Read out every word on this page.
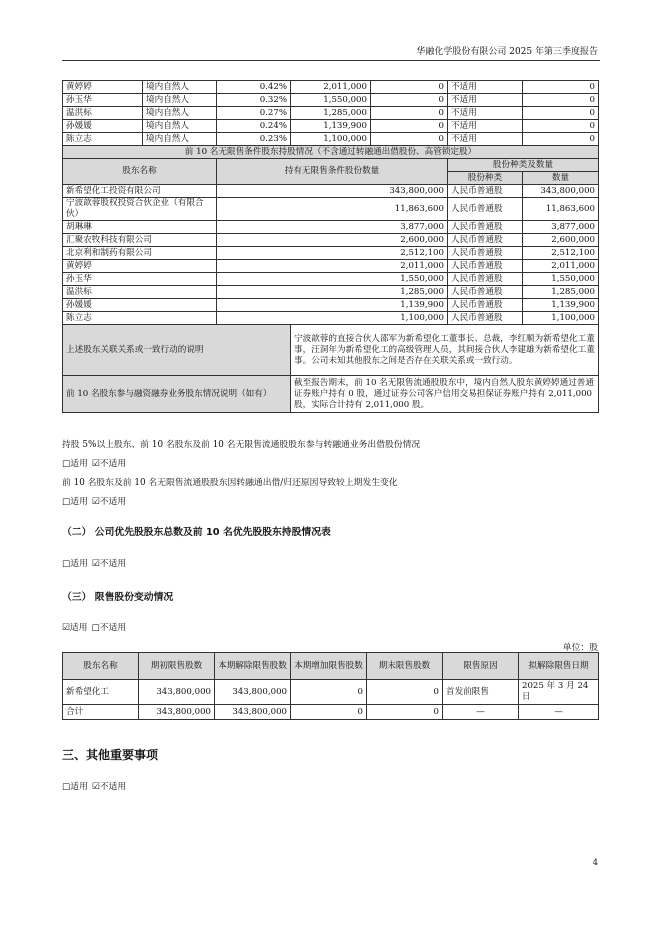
华融化学股份有限公司 2025 年第三季度报告
黄婷婷	境内自然人	0.42%	2,011,000	0	不适用	0
孙玉华	境内自然人	0.32%	1,550,000	0	不适用	0
温洪标	境内自然人	0.27%	1,285,000	0	不适用	0
孙媛媛	境内自然人	0.24%	1,139,900	0	不适用	0
陈立志	境内自然人	0.23%	1,100,000	0	不适用	0
前 10 名无限售条件股东持股情况（不含通过转融通出借股份、高管锁定股）						
股东名称		持有无限售条件股份数量			股份种类及数量	
					股份种类	数量
新希望化工投资有限公司		343,800,000			人民币普通股	343,800,000
宁波歆蓉股权投资合伙企业（有限合伙）		11,863,600			人民币普通股	11,863,600
胡琳琳		3,877,000			人民币普通股	3,877,000
汇聚农牧科技有限公司		2,600,000			人民币普通股	2,600,000
北京利和制药有限公司		2,512,100			人民币普通股	2,512,100
黄婷婷		2,011,000			人民币普通股	2,011,000
孙玉华		1,550,000			人民币普通股	1,550,000
温洪标		1,285,000			人民币普通股	1,285,000
孙媛媛		1,139,900			人民币普通股	1,139,900
陈立志		1,100,000			人民币普通股	1,100,000
上述股东关联关系或一致行动的说明			宁波歆蓉的直接合伙人邵军为新希望化工董事长、总裁，李红顺为新希望化工董事，汪洞年为新希望化工的高级管理人员，其间接合伙人李建雄为新希望化工董事。公司未知其他股东之间是否存在关联关系或一致行动。			
前 10 名股东参与融资融券业务股东情况说明（如有）			截至报告期末，前 10 名无限售流通股股东中，境内自然人股东黄婷婷通过普通证券账户持有 0 股，通过证券公司客户信用交易担保证券账户持有 2,011,000 股，实际合计持有 2,011,000 股。			
持股 5%以上股东、前 10 名股东及前 10 名无限售流通股股东参与转融通业务出借股份情况
□适用 ☑不适用
前 10 名股东及前 10 名无限售流通股股东因转融通出借/归还原因导致较上期发生变化
□适用 ☑不适用
（二） 公司优先股股东总数及前 10 名优先股股东持股情况表
□适用 ☑不适用
（三） 限售股份变动情况
☑适用 □不适用
单位：股
股东名称	期初限售股数	本期解除限售股数	本期增加限售股数	期末限售股数	限售原因	拟解除限售日期
新希望化工	343,800,000	343,800,000	0	0	首发前限售	2025 年 3 月 24 日
合计	343,800,000	343,800,000	0	0	—	—
三、其他重要事项
□适用 ☑不适用
4
